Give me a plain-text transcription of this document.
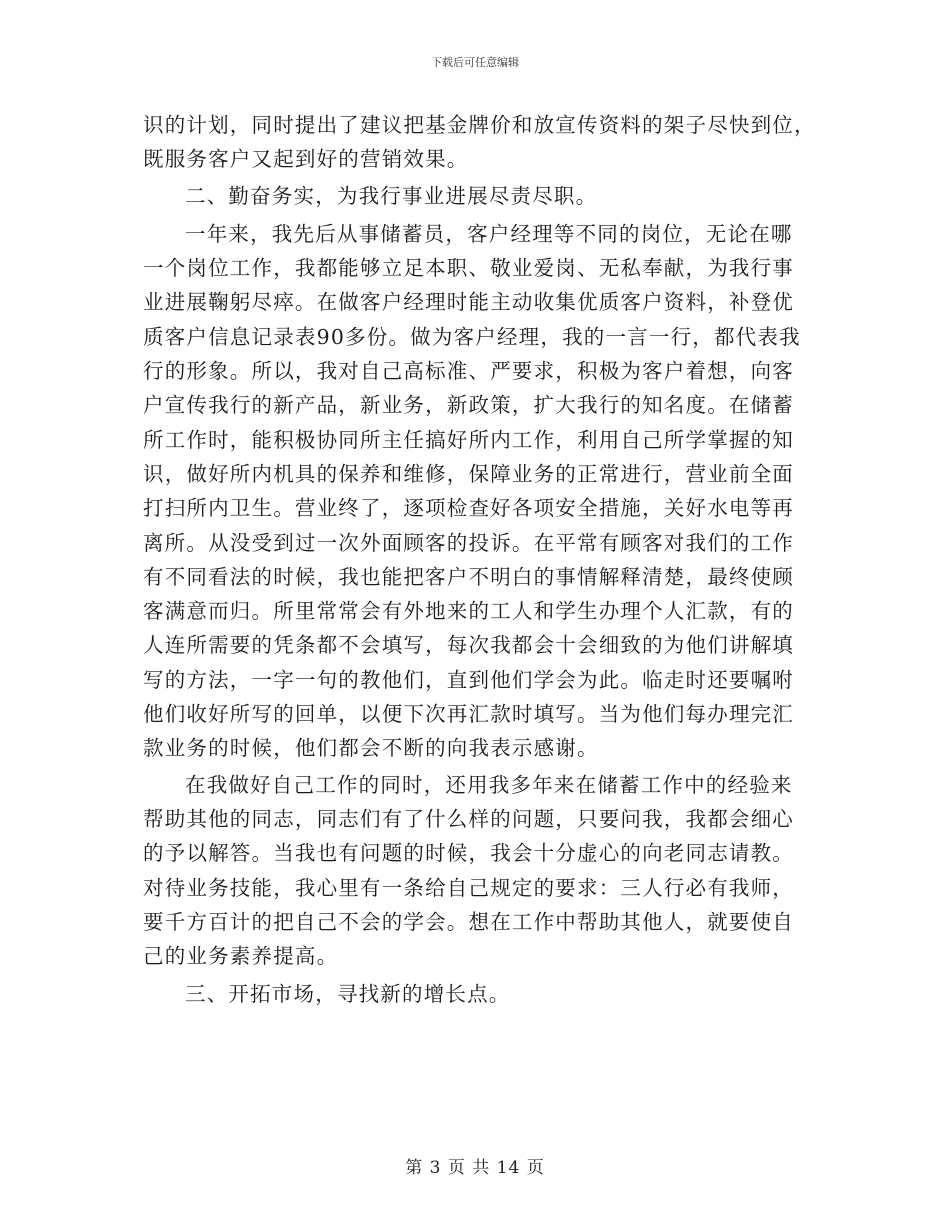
下载后可任意编辑
识的计划，同时提出了建议把基金牌价和放宣传资料的架子尽快到位，
既服务客户又起到好的营销效果。
二、勤奋务实，为我行事业进展尽责尽职。
一年来，我先后从事储蓄员，客户经理等不同的岗位，无论在哪
一个岗位工作，我都能够立足本职、敬业爱岗、无私奉献，为我行事
业进展鞠躬尽瘁。在做客户经理时能主动收集优质客户资料，补登优
质客户信息记录表90多份。做为客户经理，我的一言一行，都代表我
行的形象。所以，我对自己高标准、严要求，积极为客户着想，向客
户宣传我行的新产品，新业务，新政策，扩大我行的知名度。在储蓄
所工作时，能积极协同所主任搞好所内工作，利用自己所学掌握的知
识，做好所内机具的保养和维修，保障业务的正常进行，营业前全面
打扫所内卫生。营业终了，逐项检查好各项安全措施，关好水电等再
离所。从没受到过一次外面顾客的投诉。在平常有顾客对我们的工作
有不同看法的时候，我也能把客户不明白的事情解释清楚，最终使顾
客满意而归。所里常常会有外地来的工人和学生办理个人汇款，有的
人连所需要的凭条都不会填写，每次我都会十会细致的为他们讲解填
写的方法，一字一句的教他们，直到他们学会为此。临走时还要嘱咐
他们收好所写的回单，以便下次再汇款时填写。当为他们每办理完汇
款业务的时候，他们都会不断的向我表示感谢。
在我做好自己工作的同时，还用我多年来在储蓄工作中的经验来
帮助其他的同志，同志们有了什么样的问题，只要问我，我都会细心
的予以解答。当我也有问题的时候，我会十分虚心的向老同志请教。
对待业务技能，我心里有一条给自己规定的要求：三人行必有我师，
要千方百计的把自己不会的学会。想在工作中帮助其他人，就要使自
己的业务素养提高。
三、开拓市场，寻找新的增长点。
第 3 页 共 14 页
